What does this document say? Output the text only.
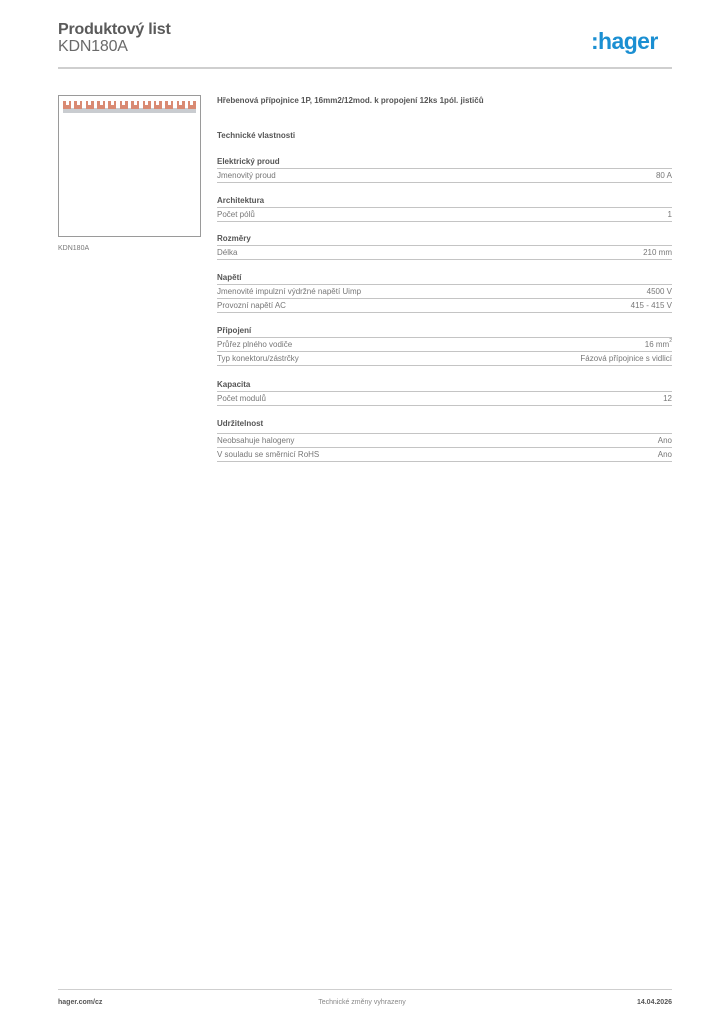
Produktový list
KDN180A	:hager
KDN180A
Hřebenová přípojnice 1P, 16mm2/12mod. k propojení 12ks 1pól. jističů
Technické vlastnosti
Elektrický proud
Jmenovitý proud	80 A
Architektura
Počet pólů	1
Rozměry
Délka	210 mm
Napětí
Jmenovité impulzní výdržné napětí Uimp	4500 V
Provozní napětí AC	415 - 415 V
Připojení
Průřez plného vodiče	16 $mm^2$
Typ konektoru/zástrčky	Fázová přípojnice s vidlicí
Kapacita
Počet modulů	12
Udržitelnost
Neobsahuje halogeny	Ano
V souladu se směrnicí RoHS	Ano
hager.com/cz	Technické změny vyhrazeny	14.04.2026
